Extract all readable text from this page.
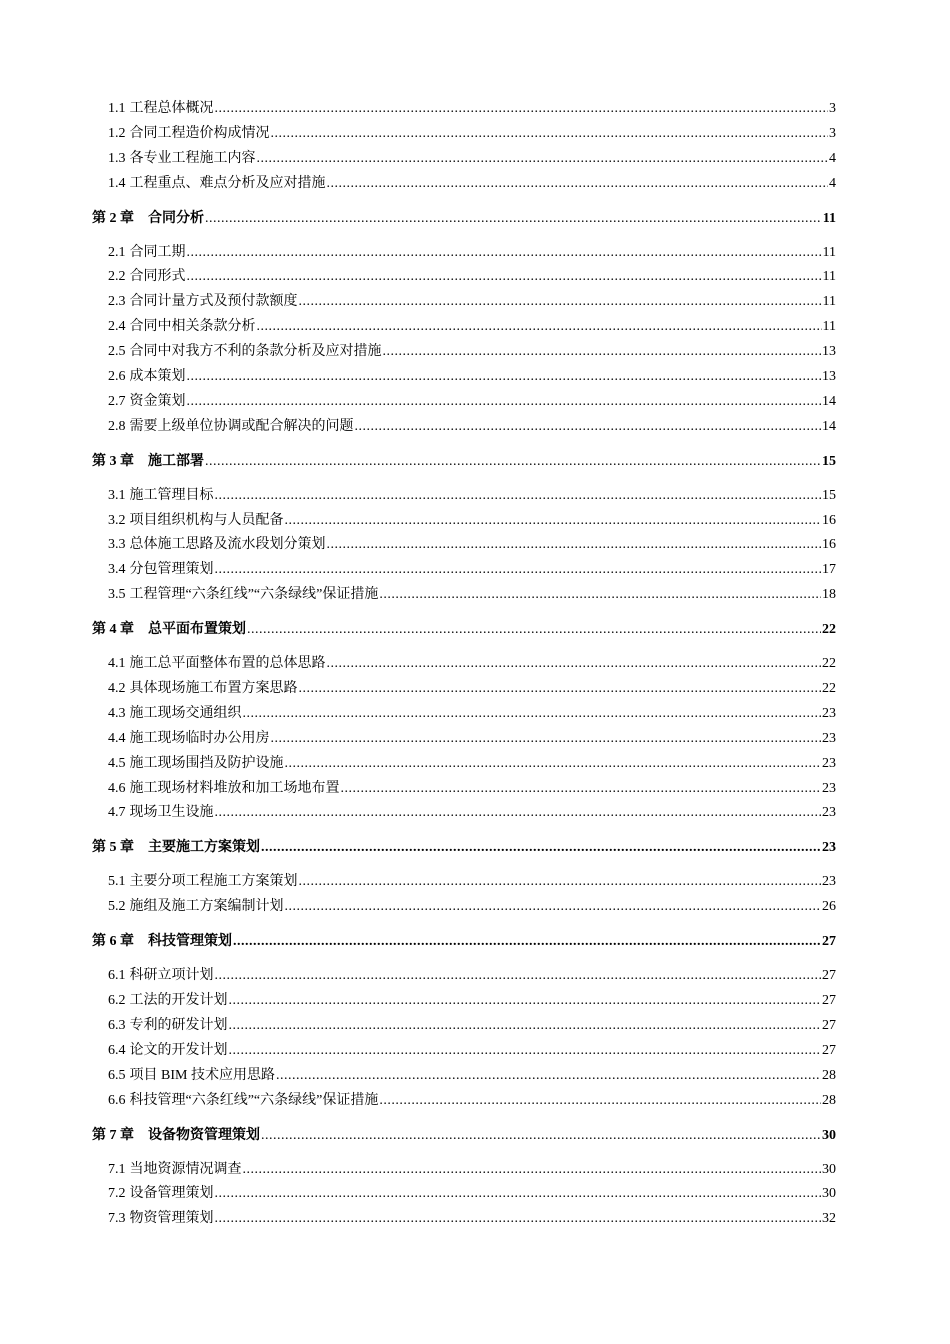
1.1 工程总体概况 .....	3
1.2 合同工程造价构成情况 .....	3
1.3 各专业工程施工内容 .....	4
1.4 工程重点、难点分析及应对措施 .....	4
第 2 章 合同分析 .....	11
2.1 合同工期 .....	11
2.2 合同形式 .....	11
2.3 合同计量方式及预付款额度 .....	11
2.4 合同中相关条款分析 .....	11
2.5 合同中对我方不利的条款分析及应对措施 .....	13
2.6 成本策划 .....	13
2.7 资金策划 .....	14
2.8 需要上级单位协调或配合解决的问题 .....	14
第 3 章 施工部署 .....	15
3.1 施工管理目标 .....	15
3.2 项目组织机构与人员配备 .....	16
3.3 总体施工思路及流水段划分策划 .....	16
3.4 分包管理策划 .....	17
3.5 工程管理“六条红线”“六条绿线”保证措施 .....	18
第 4 章 总平面布置策划 .....	22
4.1 施工总平面整体布置的总体思路 .....	22
4.2 具体现场施工布置方案思路 .....	22
4.3 施工现场交通组织 .....	23
4.4 施工现场临时办公用房 .....	23
4.5 施工现场围挡及防护设施 .....	23
4.6 施工现场材料堆放和加工场地布置 .....	23
4.7 现场卫生设施 .....	23
第 5 章 主要施工方案策划 .....	23
5.1 主要分项工程施工方案策划 .....	23
5.2 施组及施工方案编制计划 .....	26
第 6 章 科技管理策划 .....	27
6.1 科研立项计划 .....	27
6.2 工法的开发计划 .....	27
6.3 专利的研发计划 .....	27
6.4 论文的开发计划 .....	27
6.5 项目 BIM 技术应用思路 .....	28
6.6 科技管理“六条红线”“六条绿线”保证措施 .....	28
第 7 章 设备物资管理策划 .....	30
7.1 当地资源情况调查 .....	30
7.2 设备管理策划 .....	30
7.3 物资管理策划 .....	32
